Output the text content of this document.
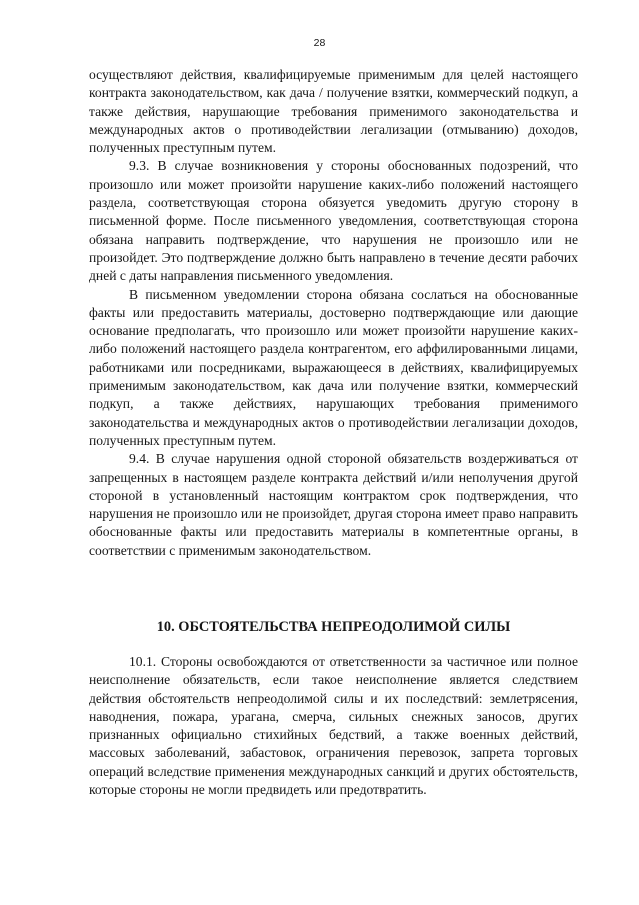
28

осуществляют действия, квалифицируемые применимым для целей настоящего контракта законодательством, как дача / получение взятки, коммерческий подкуп, а также действия, нарушающие требования применимого законодательства и международных актов о противодействии легализации (отмыванию) доходов, полученных преступным путем.

9.3. В случае возникновения у стороны обоснованных подозрений, что произошло или может произойти нарушение каких-либо положений настоящего раздела, соответствующая сторона обязуется уведомить другую сторону в письменной форме. После письменного уведомления, соответствующая сторона обязана направить подтверждение, что нарушения не произошло или не произойдет. Это подтверждение должно быть направлено в течение десяти рабочих дней с даты направления письменного уведомления.

В письменном уведомлении сторона обязана сослаться на обоснованные факты или предоставить материалы, достоверно подтверждающие или дающие основание предполагать, что произошло или может произойти нарушение каких-либо положений настоящего раздела контрагентом, его аффилированными лицами, работниками или посредниками, выражающееся в действиях, квалифицируемых применимым законодательством, как дача или получение взятки, коммерческий подкуп, а также действиях, нарушающих требования применимого законодательства и международных актов о противодействии легализации доходов, полученных преступным путем.

9.4. В случае нарушения одной стороной обязательств воздерживаться от запрещенных в настоящем разделе контракта действий и/или неполучения другой стороной в установленный настоящим контрактом срок подтверждения, что нарушения не произошло или не произойдет, другая сторона имеет право направить обоснованные факты или предоставить материалы в компетентные органы, в соответствии с применимым законодательством.

10. ОБСТОЯТЕЛЬСТВА НЕПРЕОДОЛИМОЙ СИЛЫ

10.1. Стороны освобождаются от ответственности за частичное или полное неисполнение обязательств, если такое неисполнение является следствием действия обстоятельств непреодолимой силы и их последствий: землетрясения, наводнения, пожара, урагана, смерча, сильных снежных заносов, других признанных официально стихийных бедствий, а также военных действий, массовых заболеваний, забастовок, ограничения перевозок, запрета торговых операций вследствие применения международных санкций и других обстоятельств, которые стороны не могли предвидеть или предотвратить.
